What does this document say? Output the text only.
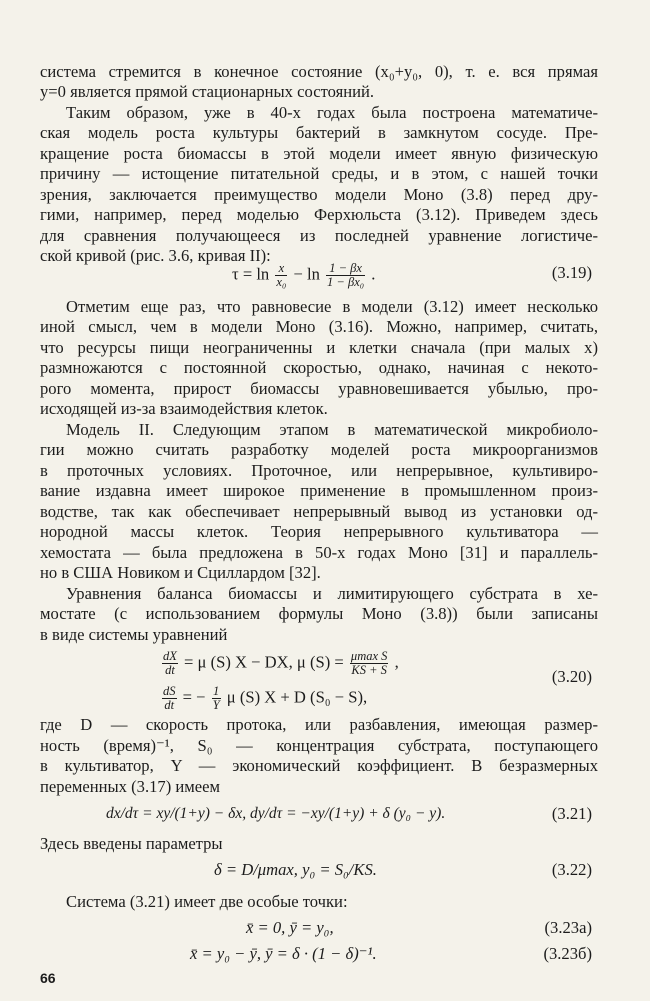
система стремится в конечное состояние (x₀+y₀, 0), т. е. вся прямая
y=0 является прямой стационарных состояний.
Таким образом, уже в 40-х годах была построена математиче-
ская модель роста культуры бактерий в замкнутом сосуде. Пре-
кращение роста биомассы в этой модели имеет явную физическую
причину — истощение питательной среды, и в этом, с нашей точки
зрения, заключается преимущество модели Моно (3.8) перед дру-
гими, например, перед моделью Ферхюльста (3.12). Приведем здесь
для сравнения получающееся из последней уравнение логистиче-
ской кривой (рис. 3.6, кривая II):
$\tau = \ln \frac{x}{\text{x₀}} - \ln \frac{1 - \beta x}{\text{1 − βx₀}}$ .	(3.19)
Отметим еще раз, что равновесие в модели (3.12) имеет несколько
иной смысл, чем в модели Моно (3.16). Можно, например, считать,
что ресурсы пищи неограниченны и клетки сначала (при малых x)
размножаются с постоянной скоростью, однако, начиная с некото-
рого момента, прирост биомассы уравновешивается убылью, про-
исходящей из-за взаимодействия клеток.
Модель II. Следующим этапом в математической микробиоло-
гии можно считать разработку моделей роста микроорганизмов
в проточных условиях. Проточное, или непрерывное, культивиро-
вание издавна имеет широкое применение в промышленном произ-
водстве, так как обеспечивает непрерывный вывод из установки од-
нородной массы клеток. Теория непрерывного культиватора —
хемостата — была предложена в 50-х годах Моно [31] и параллель-
но в США Новиком и Сциллардом [32].
Уравнения баланса биомассы и лимитирующего субстрата в хе-
мостате (с использованием формулы Моно (3.8)) были записаны
в виде системы уравнений
$\frac{dX}{dt} = \mu$ (S) X − DX, μ $(S) = \frac{\text{μmax S}}{KS + S}$ ,
$\frac{dS}{dt}$ = − $\frac{1}{Y}$ μ (S) X + D (S₀ − S),
(3.20)
где D — скорость протока, или разбавления, имеющая размер-
ность (время)⁻¹, S₀ — концентрация субстрата, поступающего
в культиватор, Y — экономический коэффициент. В безразмерных
переменных (3.17) имеем
dx/dτ = xy/(1+y) − δx, dy/dτ = −xy/(1+y) + δ (y₀ − y).	(3.21)
Здесь введены параметры
δ = D/μmax, y₀ = S₀/KS.	(3.22)
Система (3.21) имеет две особые точки:
x̄ = 0, ȳ = y₀,	(3.23а)
x̄ = y₀ − ȳ, ȳ = δ · (1 − δ)⁻¹.	(3.23б)
66
